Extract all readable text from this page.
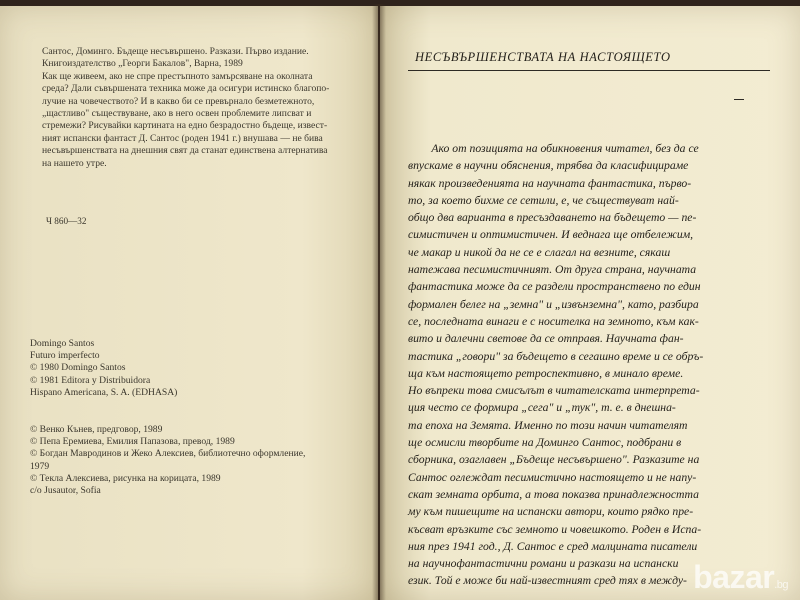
Сантос, Доминго. Бъдеще несъвършено. Разкази. Първо издание.

Книгоиздателство „Георги Бакалов", Варна, 1989

Как ще живеем, ако не спре престъпното замърсяване на околната

среда? Дали съвършената техника може да осигури истинско благопо-

лучие на човечеството? И в какво би се превърнало безметежното,

„щастливо" съществуване, ако в него освен проблемите липсват и

стремежи? Рисувайки картината на едно безрадостно бъдеще, извест-

ният испански фантаст Д. Сантос (роден 1941 г.) внушава — не бива

несъвършенствата на днешния свят да станат единствена алтернатива

на нашето утре.

Ч 860—32

Domingo Santos

Futuro imperfecto

© 1980 Domingo Santos

© 1981 Editora y Distribuidora

Hispano Americana, S. A. (EDHASA)

© Венко Кънев, предговор, 1989

© Пепа Еремиева, Емилия Папазова, превод, 1989

© Богдан Мавродинов и Жеко Алексиев, библиотечно оформление,

1979

© Текла Алексиева, рисунка на корицата, 1989

c/o Jusautor, Sofia

НЕСЪВЪРШЕНСТВАТА НА НАСТОЯЩЕТО
Ако от позицията на обикновения читател, без да се
впускаме в научни обяснения, трябва да класифицираме
някак произведенията на научната фантастика, първо-
то, за което бихме се сетили, е, че съществуват най-
общо два варианта в пресъздаването на бъдещето — пе-
симистичен и оптимистичен. И веднага ще отбележим,
че макар и никой да не се е слагал на везните, сякаш
натежава песимистичният. От друга страна, научната
фантастика може да се раздели пространствено по един
формален белег на „земна" и „извънземна", като, разбира
се, последната винаги е с носителка на земното, към как-
вито и далечни светове да се отправя. Научната фан-
тастика „говори" за бъдещето в сегашно време и се обръ-
ща към настоящето ретроспективно, в минало време.
Но въпреки това смисълът в читателската интерпрета-
ция често се формира „сега" и „тук", т. е. в днешна-
та епоха на Земята. Именно по този начин читателят
ще осмисли творбите на Доминго Сантос, подбрани в
сборника, озаглавен „Бъдеще несъвършено". Разказите на
Сантос оглеждат песимистично настоящето и не напу-
скат земната орбита, а това показва принадлежността
му към пишещите на испански автори, които рядко пре-
късват връзките със земното и човешкото. Роден в Испа-
ния през 1941 год., Д. Сантос е сред малцината писатели
на научнофантастични романи и разкази на испански
език. Той е може би най-известният сред тях в между- bazar.bg
